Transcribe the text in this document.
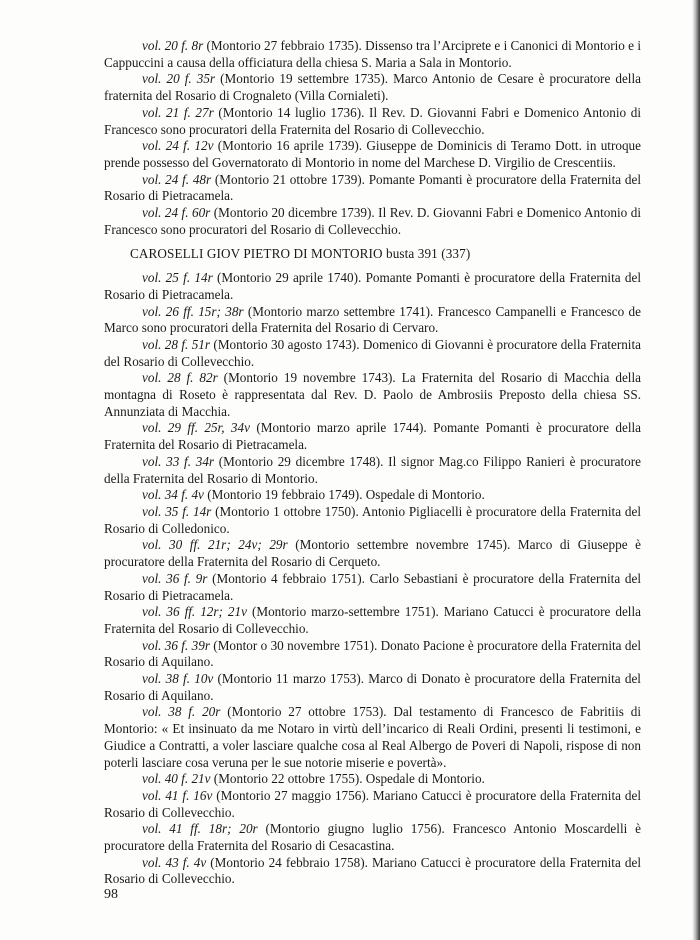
vol. 20 f. 8r (Montorio 27 febbraio 1735). Dissenso tra l’Arciprete e i Canonici di Montorio e i Cappuccini a causa della officiatura della chiesa S. Maria a Sala in Montorio.

vol. 20 f. 35r (Montorio 19 settembre 1735). Marco Antonio de Cesare è procuratore della fraternita del Rosario di Crognaleto (Villa Cornialeti).

vol. 21 f. 27r (Montorio 14 luglio 1736). Il Rev. D. Giovanni Fabri e Domenico Antonio di Francesco sono procuratori della Fraternita del Rosario di Collevecchio.

vol. 24 f. 12v (Montorio 16 aprile 1739). Giuseppe de Dominicis di Teramo Dott. in utroque prende possesso del Governatorato di Montorio in nome del Marchese D. Virgilio de Crescentiis.

vol. 24 f. 48r (Montorio 21 ottobre 1739). Pomante Pomanti è procuratore della Fraternita del Rosario di Pietracamela.

vol. 24 f. 60r (Montorio 20 dicembre 1739). Il Rev. D. Giovanni Fabri e Domenico Antonio di Francesco sono procuratori del Rosario di Collevecchio.

CAROSELLI GIOV PIETRO DI MONTORIO busta 391 (337)

vol. 25 f. 14r (Montorio 29 aprile 1740). Pomante Pomanti è procuratore della Fraternita del Rosario di Pietracamela.

vol. 26 ff. 15r; 38r (Montorio marzo settembre 1741). Francesco Campanelli e Francesco de Marco sono procuratori della Fraternita del Rosario di Cervaro.

vol. 28 f. 51r (Montorio 30 agosto 1743). Domenico di Giovanni è procuratore della Fraternita del Rosario di Collevecchio.

vol. 28 f. 82r (Montorio 19 novembre 1743). La Fraternita del Rosario di Macchia della montagna di Roseto è rappresentata dal Rev. D. Paolo de Ambrosiis Preposto della chiesa SS. Annunziata di Macchia.

vol. 29 ff. 25r, 34v (Montorio marzo aprile 1744). Pomante Pomanti è procuratore della Fraternita del Rosario di Pietracamela.

vol. 33 f. 34r (Montorio 29 dicembre 1748). Il signor Mag.co Filippo Ranieri è procuratore della Fraternita del Rosario di Montorio.

vol. 34 f. 4v (Montorio 19 febbraio 1749). Ospedale di Montorio.

vol. 35 f. 14r (Montorio 1 ottobre 1750). Antonio Pigliacelli è procuratore della Fraternita del Rosario di Colledonico.

vol. 30 ff. 21r; 24v; 29r (Montorio settembre novembre 1745). Marco di Giuseppe è procuratore della Fraternita del Rosario di Cerqueto.

vol. 36 f. 9r (Montorio 4 febbraio 1751). Carlo Sebastiani è procuratore della Fraternita del Rosario di Pietracamela.

vol. 36 ff. 12r; 21v (Montorio marzo-settembre 1751). Mariano Catucci è procuratore della Fraternita del Rosario di Collevecchio.

vol. 36 f. 39r (Montor o 30 novembre 1751). Donato Pacione è procuratore della Fraternita del Rosario di Aquilano.

vol. 38 f. 10v (Montorio 11 marzo 1753). Marco di Donato è procuratore della Fraternita del Rosario di Aquilano.

vol. 38 f. 20r (Montorio 27 ottobre 1753). Dal testamento di Francesco de Fabritiis di Montorio: « Et insinuato da me Notaro in virtù dell’incarico di Reali Ordini, presenti li testimoni, e Giudice a Contratti, a voler lasciare qualche cosa al Real Albergo de Poveri di Napoli, rispose di non poterli lasciare cosa veruna per le sue notorie miserie e povertà».

vol. 40 f. 21v (Montorio 22 ottobre 1755). Ospedale di Montorio.

vol. 41 f. 16v (Montorio 27 maggio 1756). Mariano Catucci è procuratore della Fraternita del Rosario di Collevecchio.

vol. 41 ff. 18r; 20r (Montorio giugno luglio 1756). Francesco Antonio Moscardelli è procuratore della Fraternita del Rosario di Cesacastina.

vol. 43 f. 4v (Montorio 24 febbraio 1758). Mariano Catucci è procuratore della Fraternita del Rosario di Collevecchio.

98
